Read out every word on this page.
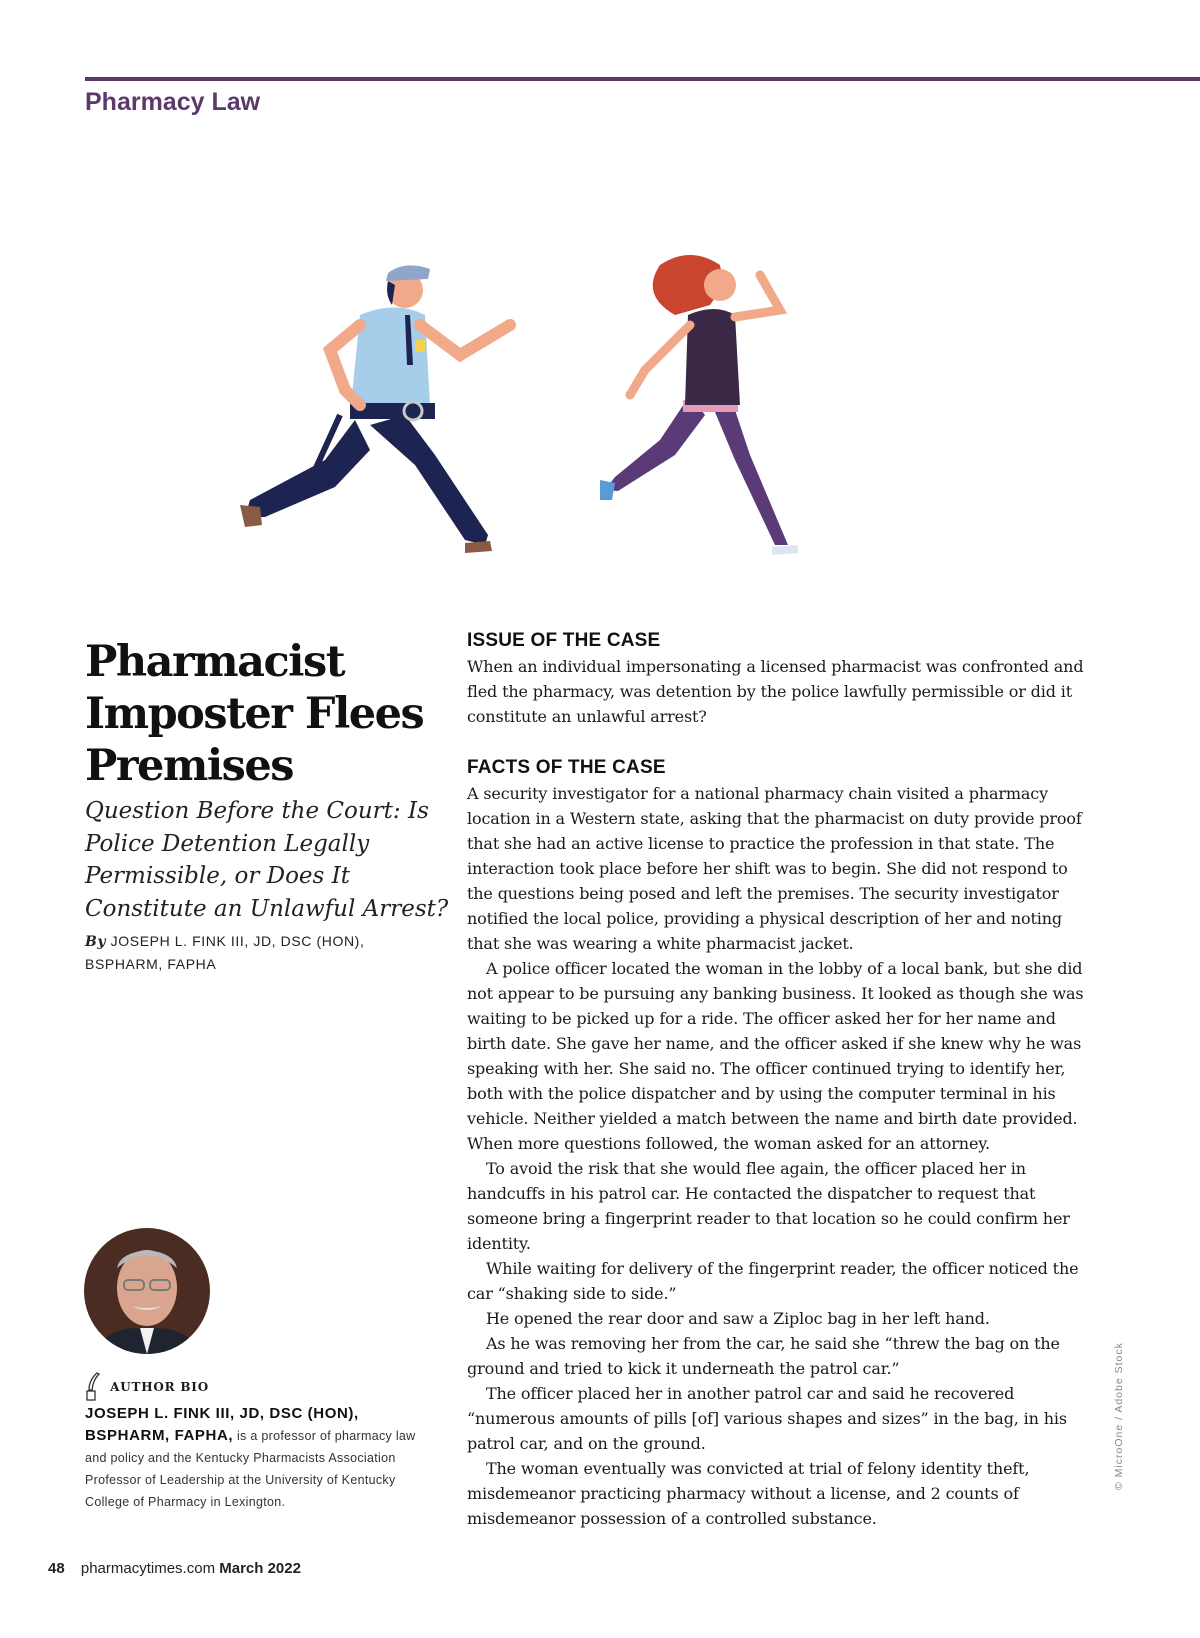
Pharmacy Law
Pharmacist Imposter Flees Premises

Question Before the Court: Is Police Detention Legally Permissible, or Does It Constitute an Unlawful Arrest?

By JOSEPH L. FINK III, JD, DSC (HON), BSPHARM, FAPHA

ISSUE OF THE CASE

When an individual impersonating a licensed pharmacist was confronted and fled the pharmacy, was detention by the police lawfully permissible or did it constitute an unlawful arrest?

FACTS OF THE CASE

A security investigator for a national pharmacy chain visited a pharmacy location in a Western state, asking that the pharmacist on duty provide proof that she had an active license to practice the profession in that state. The interaction took place before her shift was to begin. She did not respond to the questions being posed and left the premises. The security investigator notified the local police, providing a physical description of her and noting that she was wearing a white pharmacist jacket.

A police officer located the woman in the lobby of a local bank, but she did not appear to be pursuing any banking business. It looked as though she was waiting to be picked up for a ride. The officer asked her for her name and birth date. She gave her name, and the officer asked if she knew why he was speaking with her. She said no. The officer continued trying to identify her, both with the police dispatcher and by using the computer terminal in his vehicle. Neither yielded a match between the name and birth date provided. When more questions followed, the woman asked for an attorney.

To avoid the risk that she would flee again, the officer placed her in handcuffs in his patrol car. He contacted the dispatcher to request that someone bring a fingerprint reader to that location so he could confirm her identity.

While waiting for delivery of the fingerprint reader, the officer noticed the car “shaking side to side.”

He opened the rear door and saw a Ziploc bag in her left hand.

As he was removing her from the car, he said she “threw the bag on the ground and tried to kick it underneath the patrol car.”

The officer placed her in another patrol car and said he recovered “numerous amounts of pills [of] various shapes and sizes” in the bag, in his patrol car, and on the ground.

The woman eventually was convicted at trial of felony identity theft, misdemeanor practicing pharmacy without a license, and 2 counts of misdemeanor possession of a controlled substance.

AUTHOR BIO

JOSEPH L. FINK III, JD, DSC (HON), BSPHARM, FAPHA, is a professor of pharmacy law and policy and the Kentucky Pharmacists Association Professor of Leadership at the University of Kentucky College of Pharmacy in Lexington.

© MicroOne / Adobe Stock
48 pharmacytimes.com March 2022
